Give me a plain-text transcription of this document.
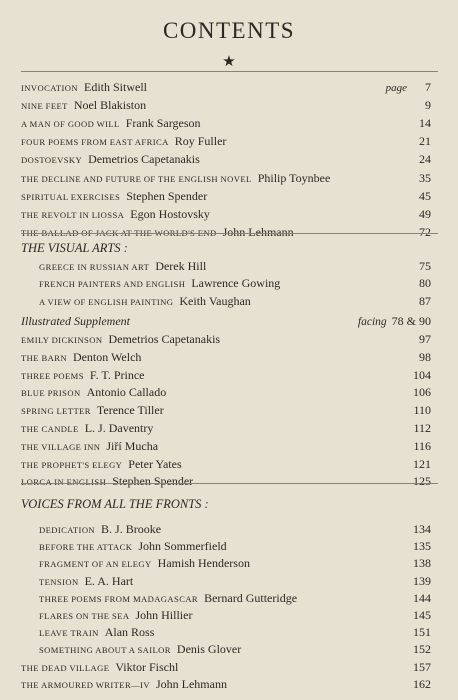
CONTENTS
★
INVOCATION Edith Sitwell	page 7
NINE FEET Noel Blakiston	9
A MAN OF GOOD WILL Frank Sargeson	14
FOUR POEMS FROM EAST AFRICA Roy Fuller	21
DOSTOEVSKY Demetrios Capetanakis	24
THE DECLINE AND FUTURE OF THE ENGLISH NOVEL Philip Toynbee	35
SPIRITUAL EXERCISES Stephen Spender	45
THE REVOLT IN LIOSSA Egon Hostovsky	49
THE BALLAD OF JACK AT THE WORLD'S END John Lehmann	72
GREECE IN RUSSIAN ART Derek Hill	75
FRENCH PAINTERS AND ENGLISH Lawrence Gowing	80
A VIEW OF ENGLISH PAINTING Keith Vaughan	87
EMILY DICKINSON Demetrios Capetanakis	97
THE BARN Denton Welch	98
THREE POEMS F. T. Prince	104
BLUE PRISON Antonio Callado	106
SPRING LETTER Terence Tiller	110
THE CANDLE L. J. Daventry	112
THE VILLAGE INN Jiří Mucha	116
THE PROPHET'S ELEGY Peter Yates	121
LORCA IN ENGLISH Stephen Spender	125
DEDICATION B. J. Brooke	134
BEFORE THE ATTACK John Sommerfield	135
FRAGMENT OF AN ELEGY Hamish Henderson	138
TENSION E. A. Hart	139
THREE POEMS FROM MADAGASCAR Bernard Gutteridge	144
FLARES ON THE SEA John Hillier	145
LEAVE TRAIN Alan Ross	151
SOMETHING ABOUT A SAILOR Denis Glover	152
THE DEAD VILLAGE Viktor Fischl	157
THE ARMOURED WRITER—IV John Lehmann	162
THE VISUAL ARTS :
VOICES FROM ALL THE FRONTS :
Illustrated Supplement	facing 78 & 90
